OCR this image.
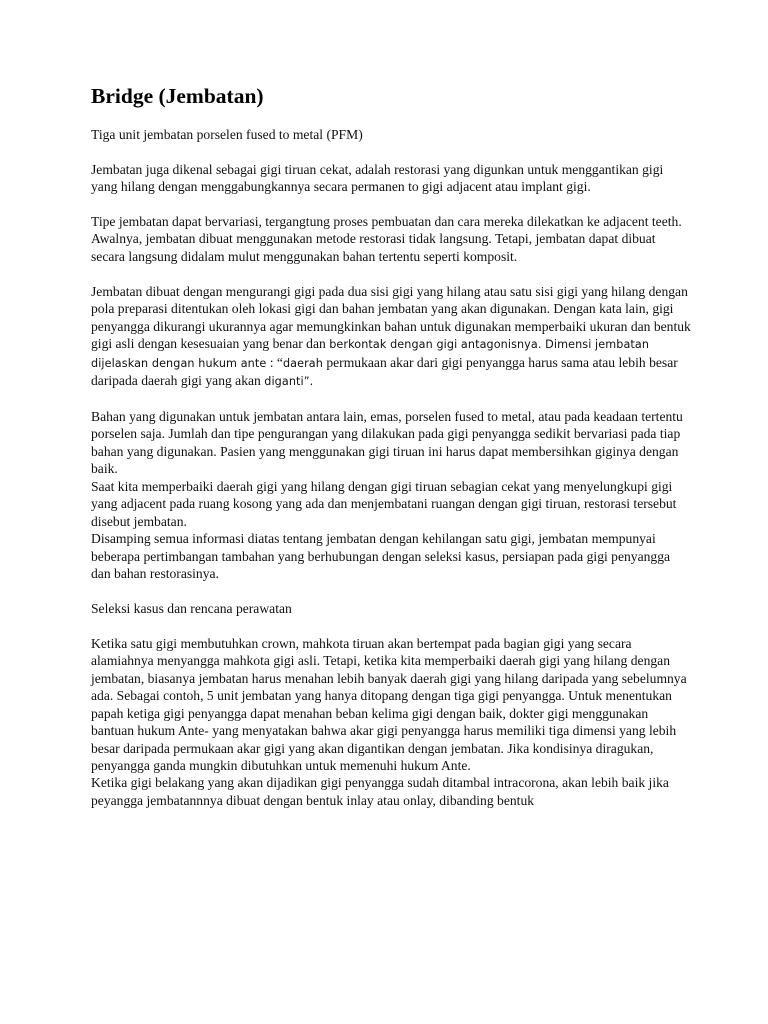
Bridge (Jembatan)

Tiga unit jembatan porselen fused to metal (PFM)

Jembatan juga dikenal sebagai gigi tiruan cekat, adalah restorasi yang digunkan untuk menggantikan gigi yang hilang dengan menggabungkannya secara permanen to gigi adjacent atau implant gigi.

Tipe jembatan dapat bervariasi, tergangtung proses pembuatan dan cara mereka dilekatkan ke adjacent teeth. Awalnya, jembatan dibuat menggunakan metode restorasi tidak langsung. Tetapi, jembatan dapat dibuat secara langsung didalam mulut menggunakan bahan tertentu seperti komposit.

Jembatan dibuat dengan mengurangi gigi pada dua sisi gigi yang hilang atau satu sisi gigi yang hilang dengan pola preparasi ditentukan oleh lokasi gigi dan bahan jembatan yang akan digunakan. Dengan kata lain, gigi penyangga dikurangi ukurannya agar memungkinkan bahan untuk digunakan memperbaiki ukuran dan bentuk gigi asli dengan kesesuaian yang benar dan berkontak dengan gigi antagonisnya. Dimensi jembatan dijelaskan dengan hukum ante : “daerah permukaan akar dari gigi penyangga harus sama atau lebih besar daripada daerah gigi yang akan diganti”.

Bahan yang digunakan untuk jembatan antara lain, emas, porselen fused to metal, atau pada keadaan tertentu porselen saja. Jumlah dan tipe pengurangan yang dilakukan pada gigi penyangga sedikit bervariasi pada tiap bahan yang digunakan. Pasien yang menggunakan gigi tiruan ini harus dapat membersihkan giginya dengan baik.
Saat kita memperbaiki daerah gigi yang hilang dengan gigi tiruan sebagian cekat yang menyelungkupi gigi yang adjacent pada ruang kosong yang ada dan menjembatani ruangan dengan gigi tiruan, restorasi tersebut disebut jembatan.
Disamping semua informasi diatas tentang jembatan dengan kehilangan satu gigi, jembatan mempunyai beberapa pertimbangan tambahan yang berhubungan dengan seleksi kasus, persiapan pada gigi penyangga dan bahan restorasinya.

Seleksi kasus dan rencana perawatan

Ketika satu gigi membutuhkan crown, mahkota tiruan akan bertempat pada bagian gigi yang secara alamiahnya menyangga mahkota gigi asli. Tetapi, ketika kita memperbaiki daerah gigi yang hilang dengan jembatan, biasanya jembatan harus menahan lebih banyak daerah gigi yang hilang daripada yang sebelumnya ada. Sebagai contoh, 5 unit jembatan yang hanya ditopang dengan tiga gigi penyangga. Untuk menentukan papah ketiga gigi penyangga dapat menahan beban kelima gigi dengan baik, dokter gigi menggunakan bantuan hukum Ante- yang menyatakan bahwa akar gigi penyangga harus memiliki tiga dimensi yang lebih besar daripada permukaan akar gigi yang akan digantikan dengan jembatan. Jika kondisinya diragukan, penyangga ganda mungkin dibutuhkan untuk memenuhi hukum Ante.
Ketika gigi belakang yang akan dijadikan gigi penyangga sudah ditambal intracorona, akan lebih baik jika peyangga jembatannnya dibuat dengan bentuk inlay atau onlay, dibanding bentuk
